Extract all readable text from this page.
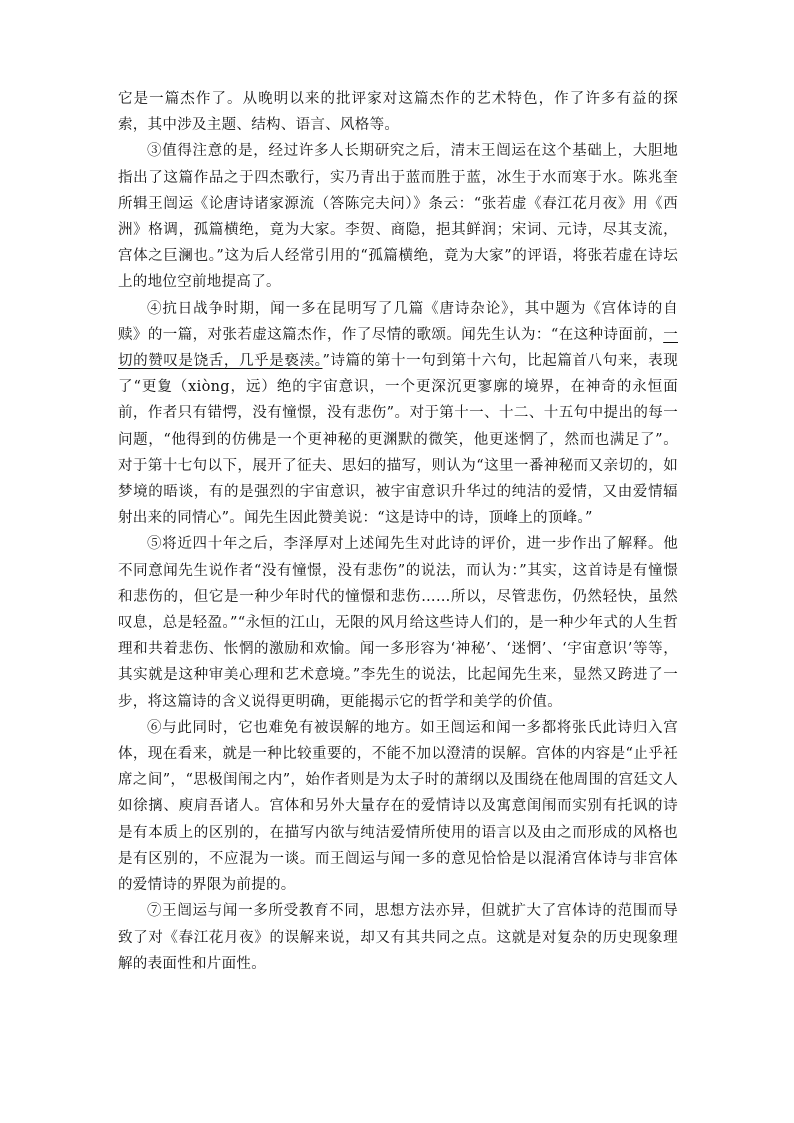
它是一篇杰作了。从晚明以来的批评家对这篇杰作的艺术特色，作了许多有益的探索，其中涉及主题、结构、语言、风格等。

③值得注意的是，经过许多人长期研究之后，清末王闿运在这个基础上，大胆地指出了这篇作品之于四杰歌行，实乃青出于蓝而胜于蓝，冰生于水而寒于水。陈兆奎所辑王闿运《论唐诗诸家源流（答陈完夫问）》条云：“张若虚《春江花月夜》用《西洲》格调，孤篇横绝，竟为大家。李贺、商隐，挹其鲜润；宋词、元诗，尽其支流，宫体之巨澜也。”这为后人经常引用的“孤篇横绝，竟为大家”的评语，将张若虚在诗坛上的地位空前地提高了。

④抗日战争时期，闻一多在昆明写了几篇《唐诗杂论》，其中题为《宫体诗的自赎》的一篇，对张若虚这篇杰作，作了尽情的歌颂。闻先生认为：“在这种诗面前，一切的赞叹是饶舌，几乎是亵渎。”诗篇的第十一句到第十六句，比起篇首八句来，表现了“更夐（xiòng，远）绝的宇宙意识，一个更深沉更寥廓的境界，在神奇的永恒面前，作者只有错愕，没有憧憬，没有悲伤”。对于第十一、十二、十五句中提出的每一问题，“他得到的仿佛是一个更神秘的更渊默的微笑，他更迷惘了，然而也满足了”。对于第十七句以下，展开了征夫、思妇的描写，则认为“这里一番神秘而又亲切的，如梦境的晤谈，有的是强烈的宇宙意识，被宇宙意识升华过的纯洁的爱情，又由爱情辐射出来的同情心”。闻先生因此赞美说：“这是诗中的诗，顶峰上的顶峰。”

⑤将近四十年之后，李泽厚对上述闻先生对此诗的评价，进一步作出了解释。他不同意闻先生说作者“没有憧憬，没有悲伤”的说法，而认为：”其实，这首诗是有憧憬和悲伤的，但它是一种少年时代的憧憬和悲伤……所以，尽管悲伤，仍然轻快，虽然叹息，总是轻盈。”“永恒的江山，无限的风月给这些诗人们的，是一种少年式的人生哲理和共着悲伤、怅惘的激励和欢愉。闻一多形容为‘神秘’、‘迷惘’、‘宇宙意识’等等，其实就是这种审美心理和艺术意境。”李先生的说法，比起闻先生来，显然又跨进了一步，将这篇诗的含义说得更明确，更能揭示它的哲学和美学的价值。

⑥与此同时，它也难免有被误解的地方。如王闿运和闻一多都将张氏此诗归入宫体，现在看来，就是一种比较重要的，不能不加以澄清的误解。宫体的内容是“止乎衽席之间”，“思极闺闱之内”，始作者则是为太子时的萧纲以及围绕在他周围的宫廷文人如徐摛、庾肩吾诸人。宫体和另外大量存在的爱情诗以及寓意闺闱而实别有托讽的诗是有本质上的区别的，在描写内欲与纯洁爱情所使用的语言以及由之而形成的风格也是有区别的，不应混为一谈。而王闿运与闻一多的意见恰恰是以混淆宫体诗与非宫体的爱情诗的界限为前提的。

⑦王闿运与闻一多所受教育不同，思想方法亦异，但就扩大了宫体诗的范围而导致了对《春江花月夜》的误解来说，却又有其共同之点。这就是对复杂的历史现象理解的表面性和片面性。
